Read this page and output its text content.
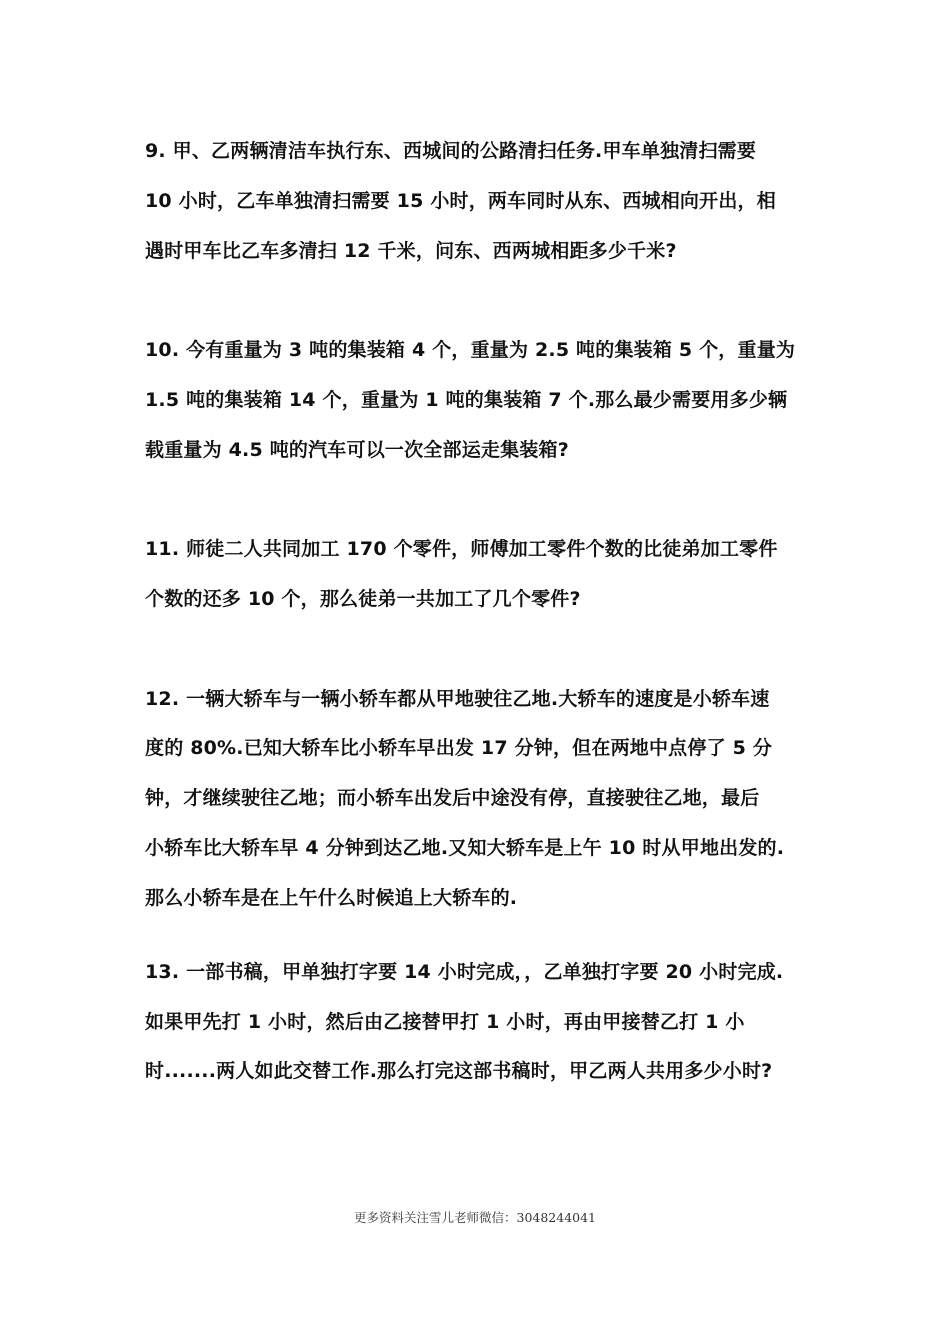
9. 甲、乙两辆清洁车执行东、西城间的公路清扫任务.甲车单独清扫需要
10 小时，乙车单独清扫需要 15 小时，两车同时从东、西城相向开出，相
遇时甲车比乙车多清扫 12 千米，问东、西两城相距多少千米?
10. 今有重量为 3 吨的集装箱 4 个，重量为 2.5 吨的集装箱 5 个，重量为
1.5 吨的集装箱 14 个，重量为 1 吨的集装箱 7 个.那么最少需要用多少辆
载重量为 4.5 吨的汽车可以一次全部运走集装箱?
11. 师徒二人共同加工 170 个零件，师傅加工零件个数的比徒弟加工零件
个数的还多 10 个，那么徒弟一共加工了几个零件?
12. 一辆大轿车与一辆小轿车都从甲地驶往乙地.大轿车的速度是小轿车速
度的 80%.已知大轿车比小轿车早出发 17 分钟，但在两地中点停了 5 分
钟，才继续驶往乙地；而小轿车出发后中途没有停，直接驶往乙地，最后
小轿车比大轿车早 4 分钟到达乙地.又知大轿车是上午 10 时从甲地出发的.
那么小轿车是在上午什么时候追上大轿车的.
13. 一部书稿，甲单独打字要 14 小时完成，，乙单独打字要 20 小时完成.
如果甲先打 1 小时，然后由乙接替甲打 1 小时，再由甲接替乙打 1 小
时.......两人如此交替工作.那么打完这部书稿时，甲乙两人共用多少小时?
更多资料关注雪儿老师微信：3048244041
